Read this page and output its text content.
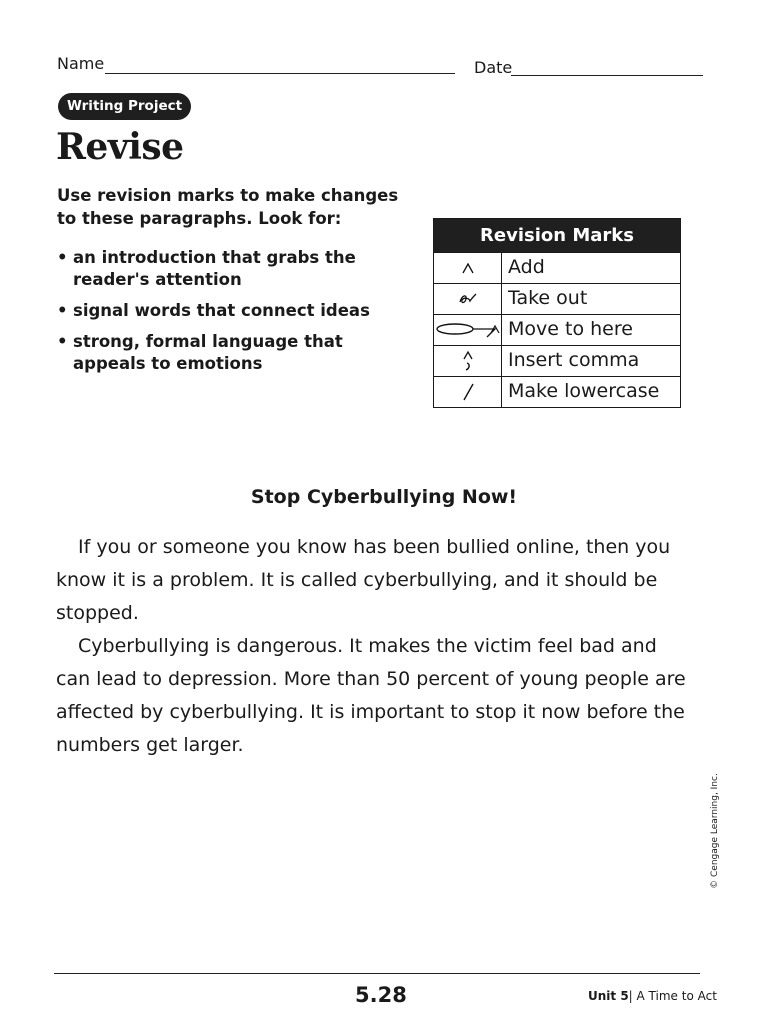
Name	Date
Writing Project
Revise
Use revision marks to make changes to these paragraphs. Look for:
• an introduction that grabs the reader's attention
• signal words that connect ideas
• strong, formal language that appeals to emotions
Revision Marks
Add
Take out
Move to here
Insert comma
Make lowercase
Stop Cyberbullying Now!

If you or someone you know has been bullied online, then you know it is a problem. It is called cyberbullying, and it should be stopped.

Cyberbullying is dangerous. It makes the victim feel bad and can lead to depression. More than 50 percent of young people are affected by cyberbullying. It is important to stop it now before the numbers get larger.

© Cengage Learning, Inc.
5.28	Unit 5| A Time to Act
